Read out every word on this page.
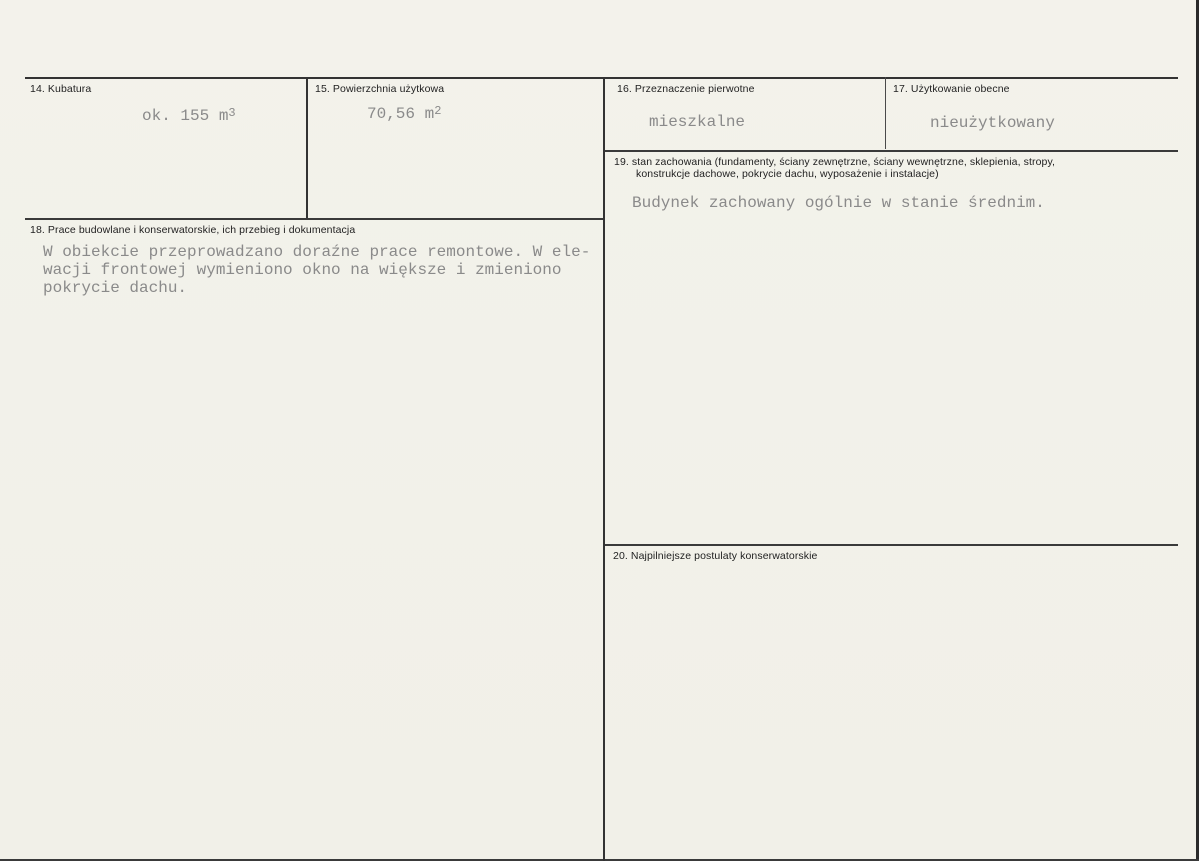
14. Kubatura
ok. 155 $m^3$
15. Powierzchnia użytkowa
70,56 $m^2$
16. Przeznaczenie pierwotne
mieszkalne
17. Użytkowanie obecne
nieużytkowany
18. Prace budowlane i konserwatorskie, ich przebieg i dokumentacja
W obiekcie przeprowadzano doraźne prace remontowe. W ele-
wacji frontowej wymieniono okno na większe i zmieniono
pokrycie dachu.
19. stan zachowania (fundamenty, ściany zewnętrzne, ściany wewnętrzne, sklepienia, stropy,
konstrukcje dachowe, pokrycie dachu, wyposażenie i instalacje)
Budynek zachowany ogólnie w stanie średnim.
20. Najpilniejsze postulaty konserwatorskie
